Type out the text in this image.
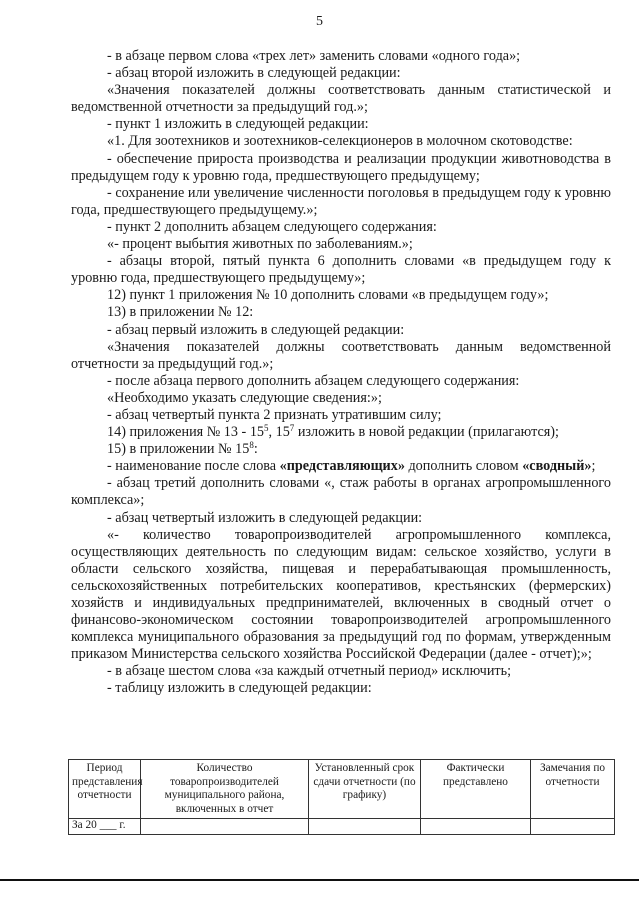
5

- в абзаце первом слова «трех лет» заменить словами «одного года»;

- абзац второй изложить в следующей редакции:

«Значения показателей должны соответствовать данным статистической и ведомственной отчетности за предыдущий год.»;

- пункт 1 изложить в следующей редакции:

«1. Для зоотехников и зоотехников-селекционеров в молочном скотоводстве:

- обеспечение прироста производства и реализации продукции животноводства в предыдущем году к уровню года, предшествующего предыдущему;

- сохранение или увеличение численности поголовья в предыдущем году к уровню года, предшествующего предыдущему.»;

- пункт 2 дополнить абзацем следующего содержания:

«- процент выбытия животных по заболеваниям.»;

- абзацы второй, пятый пункта 6 дополнить словами «в предыдущем году к уровню года, предшествующего предыдущему»;

12) пункт 1 приложения № 10 дополнить словами «в предыдущем году»;

13) в приложении № 12:

- абзац первый изложить в следующей редакции:

«Значения показателей должны соответствовать данным ведомственной отчетности за предыдущий год.»;

- после абзаца первого дополнить абзацем следующего содержания:

«Необходимо указать следующие сведения:»;

- абзац четвертый пункта 2 признать утратившим силу;

14) приложения № $13 - 15^5$, $15^7$ изложить в новой редакции (прилагаются);

15) в приложении № $15^8$:

- наименование после слова «представляющих» дополнить словом «сводный»;

- абзац третий дополнить словами «, стаж работы в органах агропромышленного комплекса»;

- абзац четвертый изложить в следующей редакции:

«- количество товаропроизводителей агропромышленного комплекса, осуществляющих деятельность по следующим видам: сельское хозяйство, услуги в области сельского хозяйства, пищевая и перерабатывающая промышленность, сельскохозяйственных потребительских кооперативов, крестьянских (фермерских) хозяйств и индивидуальных предпринимателей, включенных в сводный отчет о финансово-экономическом состоянии товаропроизводителей агропромышленного комплекса муниципального образования за предыдущий год по формам, утвержденным приказом Министерства сельского хозяйства Российской Федерации (далее - отчет);»;

- в абзаце шестом слова «за каждый отчетный период» исключить;

- таблицу изложить в следующей редакции:

Период представления отчетности	Количество товаропроизводителей муниципального района, включенных в отчет	Установленный срок сдачи отчетности (по графику)	Фактически представлено	Замечания по отчетности
За 20 ___ г.				
